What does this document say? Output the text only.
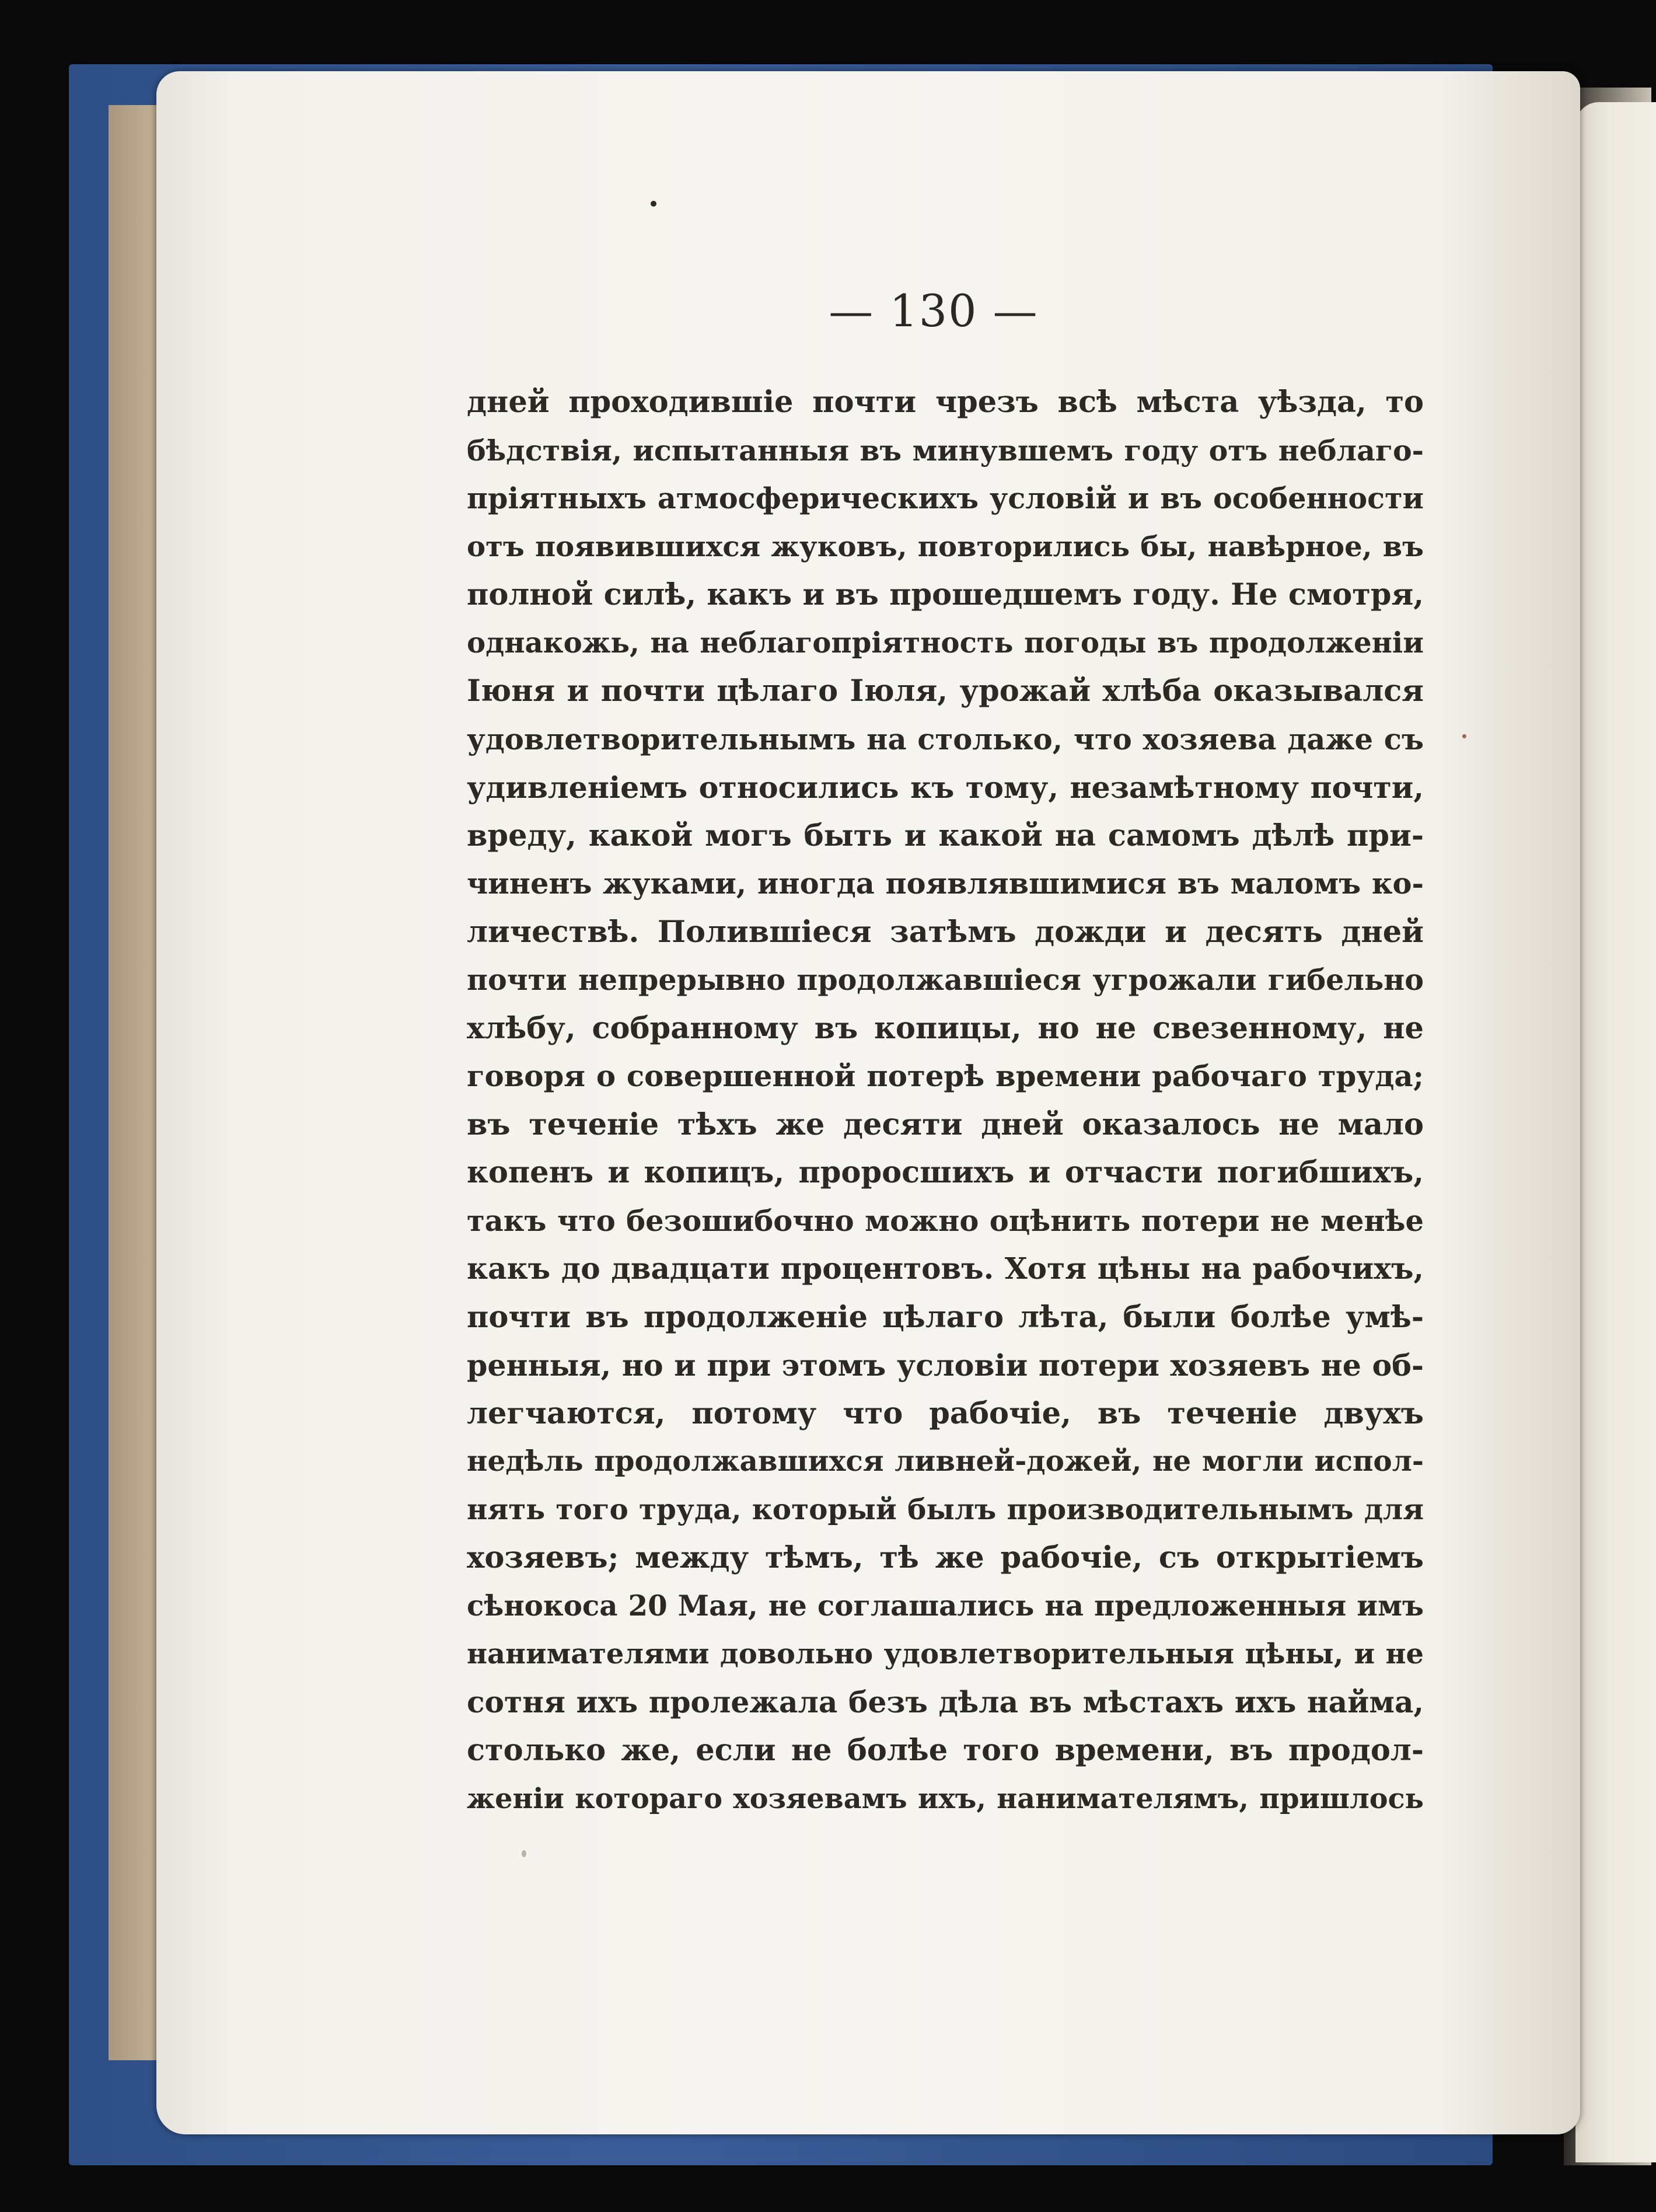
— 130 —
дней проходившіе почти чрезъ всѣ мѣста уѣзда, то
бѣдствія, испытанныя въ минувшемъ году отъ неблаго-
пріятныхъ атмосферическихъ условій и въ особенности
отъ появившихся жуковъ, повторились бы, навѣрное, въ
полной силѣ, какъ и въ прошедшемъ году. Не смотря,
однакожь, на неблагопріятность погоды въ продолженіи
Іюня и почти цѣлаго Іюля, урожай хлѣба оказывался
удовлетворительнымъ на столько, что хозяева даже съ
удивленіемъ относились къ тому, незамѣтному почти,
вреду, какой могъ быть и какой на самомъ дѣлѣ при-
чиненъ жуками, иногда появлявшимися въ маломъ ко-
личествѣ. Полившіеся затѣмъ дожди и десять дней
почти непрерывно продолжавшіеся угрожали гибельно
хлѣбу, собранному въ копицы, но не свезенному, не
говоря о совершенной потерѣ времени рабочаго труда;
въ теченіе тѣхъ же десяти дней оказалось не мало
копенъ и копицъ, проросшихъ и отчасти погибшихъ,
такъ что безошибочно можно оцѣнить потери не менѣе
какъ до двадцати процентовъ. Хотя цѣны на рабочихъ,
почти въ продолженіе цѣлаго лѣта, были болѣе умѣ-
ренныя, но и при этомъ условіи потери хозяевъ не об-
легчаются, потому что рабочіе, въ теченіе двухъ
недѣль продолжавшихся ливней-дожей, не могли испол-
нять того труда, который былъ производительнымъ для
хозяевъ; между тѣмъ, тѣ же рабочіе, съ открытіемъ
сѣнокоса 20 Мая, не соглашались на предложенныя имъ
нанимателями довольно удовлетворительныя цѣны, и не
сотня ихъ пролежала безъ дѣла въ мѣстахъ ихъ найма,
столько же, если не болѣе того времени, въ продол-
женіи котораго хозяевамъ ихъ, нанимателямъ, пришлось
